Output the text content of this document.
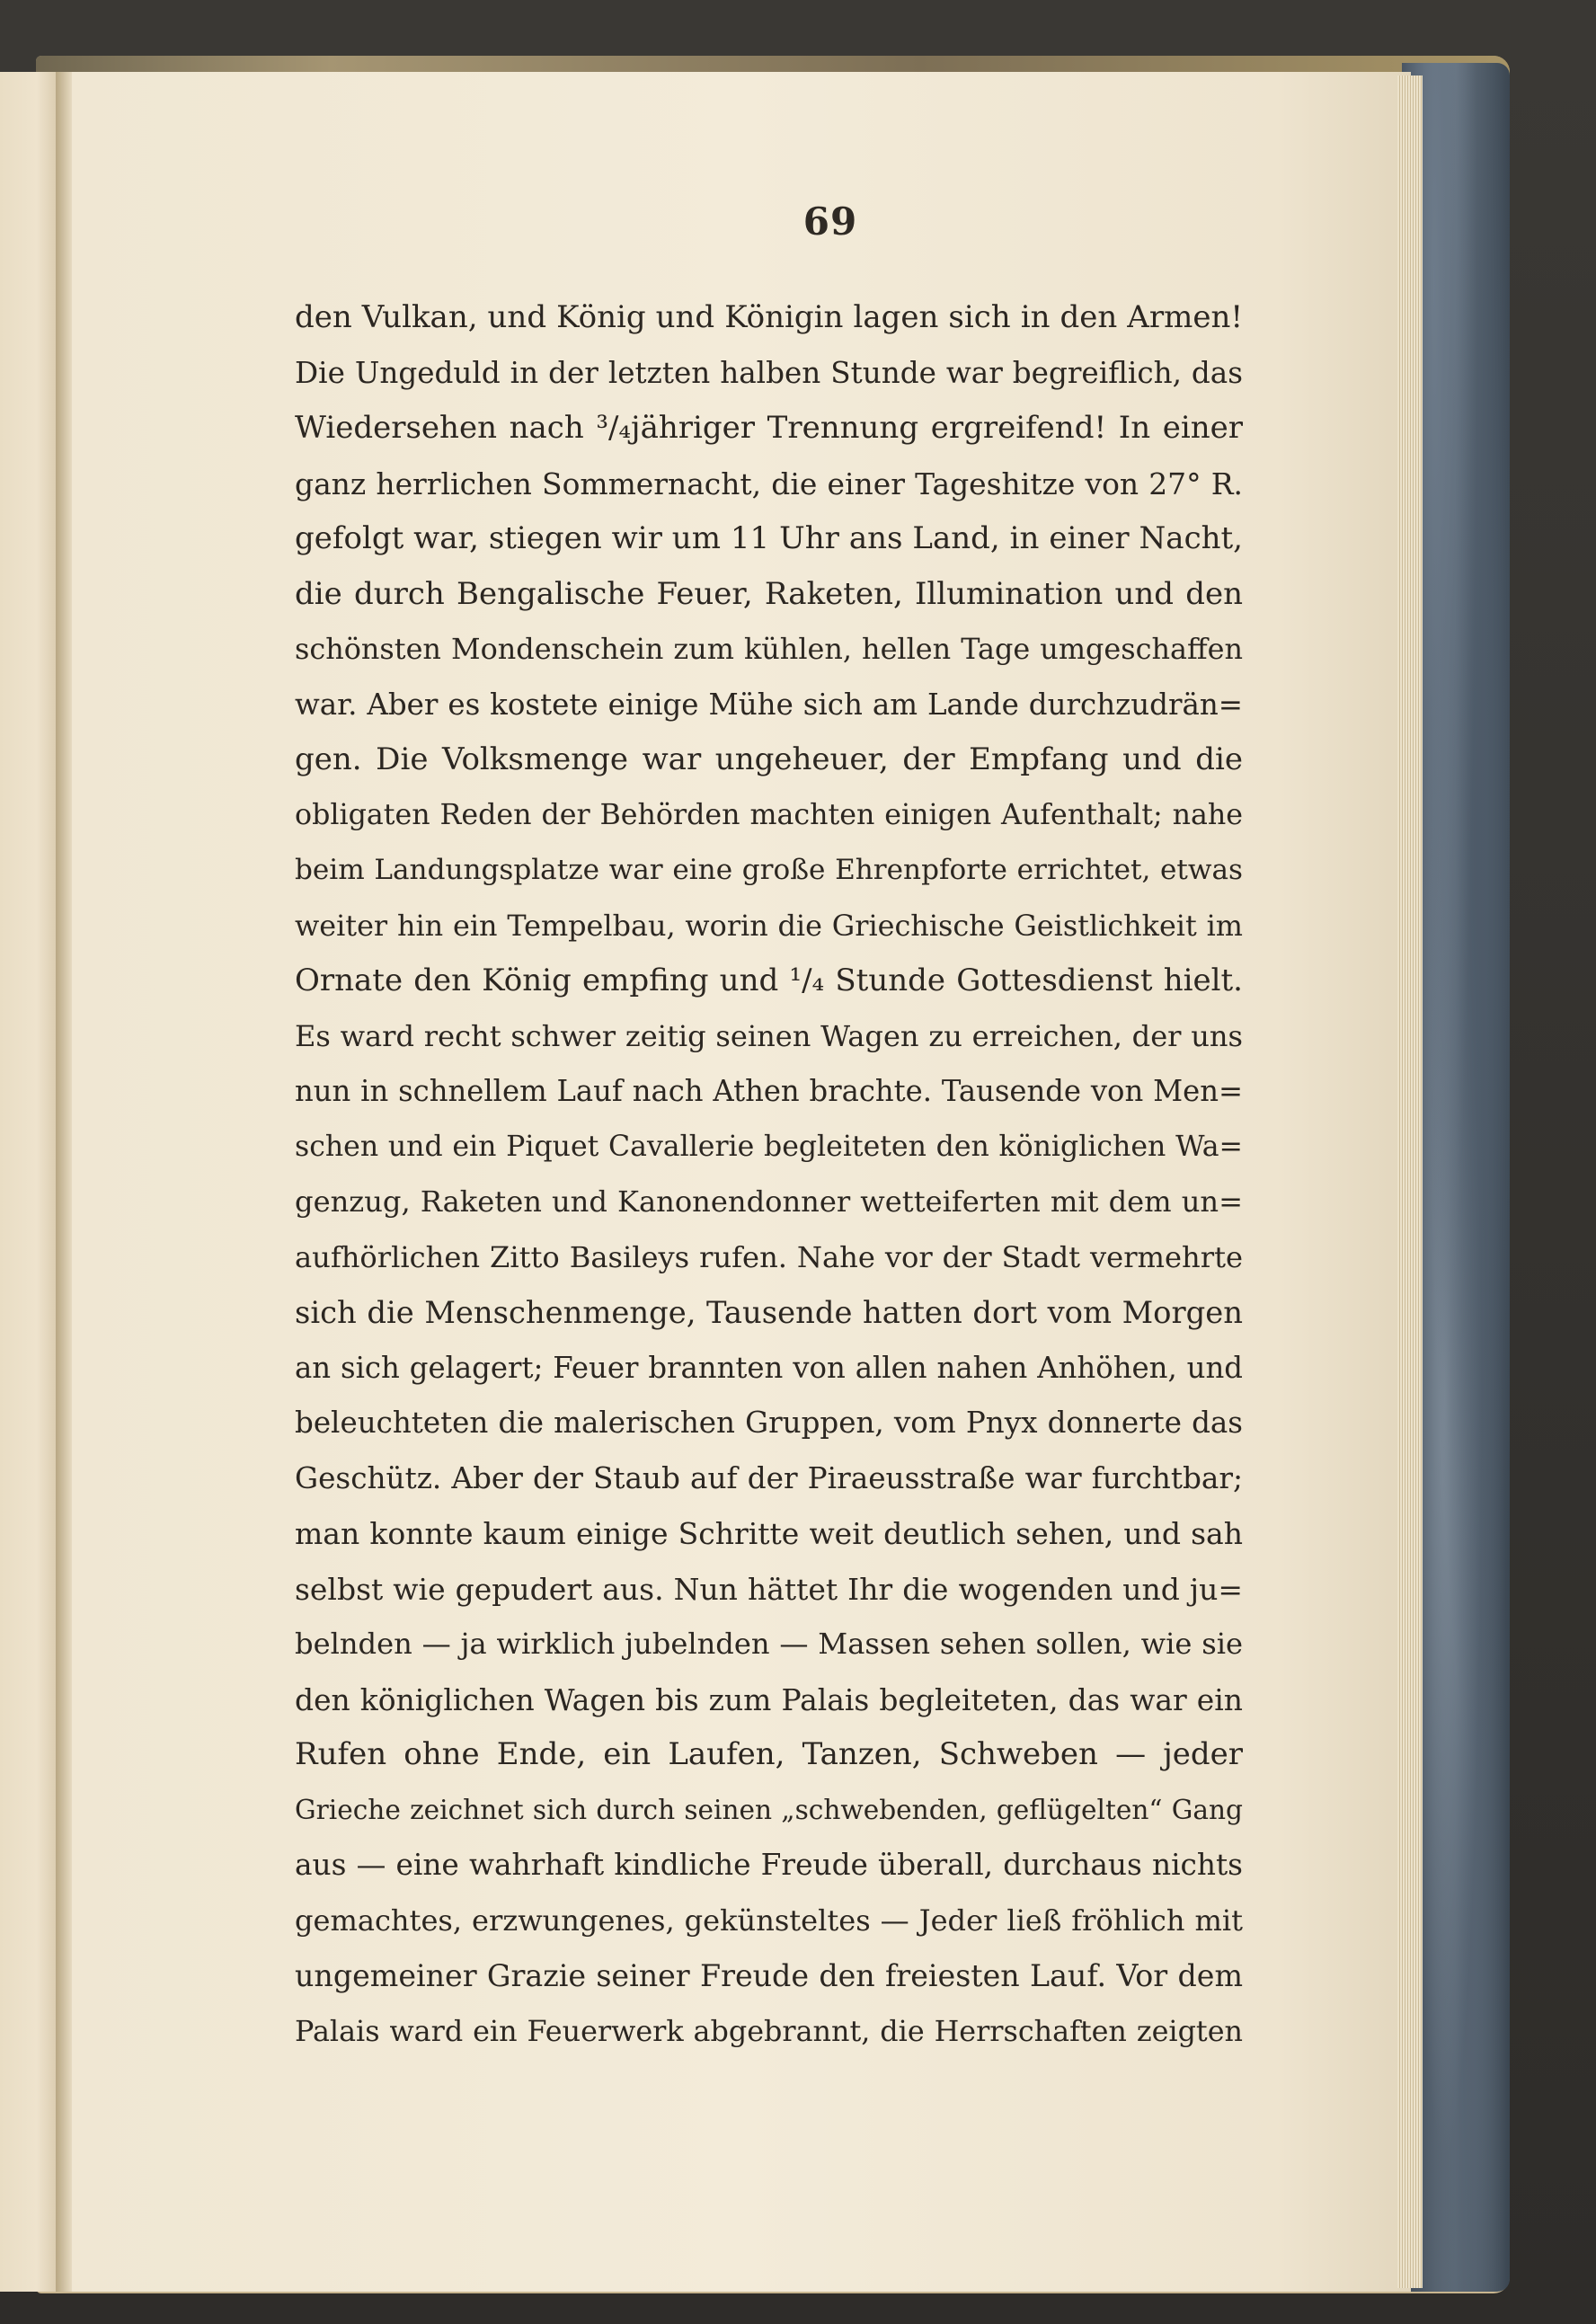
69
den Vulkan, und König und Königin lagen sich in den Armen!
Die Ungeduld in der letzten halben Stunde war begreiflich, das
Wiedersehen nach ³/₄jähriger Trennung ergreifend! In einer
ganz herrlichen Sommernacht, die einer Tageshitze von 27° R.
gefolgt war, stiegen wir um 11 Uhr ans Land, in einer Nacht,
die durch Bengalische Feuer, Raketen, Illumination und den
schönsten Mondenschein zum kühlen, hellen Tage umgeschaffen
war. Aber es kostete einige Mühe sich am Lande durchzudrän=
gen. Die Volksmenge war ungeheuer, der Empfang und die
obligaten Reden der Behörden machten einigen Aufenthalt; nahe
beim Landungsplatze war eine große Ehrenpforte errichtet, etwas
weiter hin ein Tempelbau, worin die Griechische Geistlichkeit im
Ornate den König empfing und ¹/₄ Stunde Gottesdienst hielt.
Es ward recht schwer zeitig seinen Wagen zu erreichen, der uns
nun in schnellem Lauf nach Athen brachte. Tausende von Men=
schen und ein Piquet Cavallerie begleiteten den königlichen Wa=
genzug, Raketen und Kanonendonner wetteiferten mit dem un=
aufhörlichen Zitto Basileys rufen. Nahe vor der Stadt vermehrte
sich die Menschenmenge, Tausende hatten dort vom Morgen
an sich gelagert; Feuer brannten von allen nahen Anhöhen, und
beleuchteten die malerischen Gruppen, vom Pnyx donnerte das
Geschütz. Aber der Staub auf der Piraeusstraße war furchtbar;
man konnte kaum einige Schritte weit deutlich sehen, und sah
selbst wie gepudert aus. Nun hättet Ihr die wogenden und ju=
belnden — ja wirklich jubelnden — Massen sehen sollen, wie sie
den königlichen Wagen bis zum Palais begleiteten, das war ein
Rufen ohne Ende, ein Laufen, Tanzen, Schweben — jeder
Grieche zeichnet sich durch seinen „schwebenden, geflügelten“ Gang
aus — eine wahrhaft kindliche Freude überall, durchaus nichts
gemachtes, erzwungenes, gekünsteltes — Jeder ließ fröhlich mit
ungemeiner Grazie seiner Freude den freiesten Lauf. Vor dem
Palais ward ein Feuerwerk abgebrannt, die Herrschaften zeigten
